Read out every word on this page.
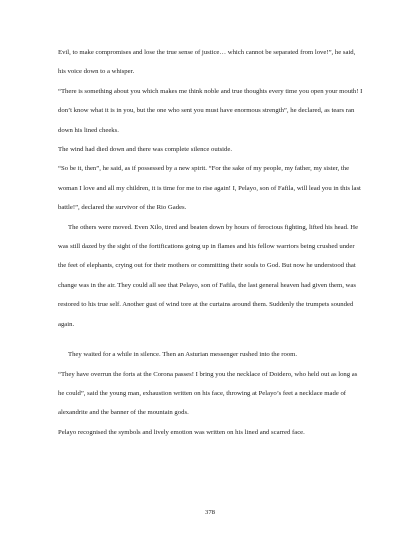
Evil, to make compromises and lose the true sense of justice… which cannot be separated from love!”, he said, his voice down to a whisper.

“There is something about you which makes me think noble and true thoughts every time you open your mouth! I don’t know what it is in you, but the one who sent you must have enormous strength”, he declared, as tears ran down his lined cheeks.

The wind had died down and there was complete silence outside.

“So be it, then”, he said, as if possessed by a new spirit. “For the sake of my people, my father, my sister, the woman I love and all my children, it is time for me to rise again! I, Pelayo, son of Fafila, will lead you in this last battle!”, declared the survivor of the Rio Gades.

The others were moved. Even Xilo, tired and beaten down by hours of ferocious fighting, lifted his head. He was still dazed by the sight of the fortifications going up in flames and his fellow warriors being crushed under the feet of elephants, crying out for their mothers or committing their souls to God. But now he understood that change was in the air. They could all see that Pelayo, son of Fafila, the last general heaven had given them, was restored to his true self. Another gust of wind tore at the curtains around them. Suddenly the trumpets sounded again.

They waited for a while in silence. Then an Asturian messenger rushed into the room.

“They have overrun the forts at the Corona passes! I bring you the necklace of Doidero, who held out as long as he could”, said the young man, exhaustion written on his face, throwing at Pelayo’s feet a necklace made of alexandrite and the banner of the mountain gods.

Pelayo recognised the symbols and lively emotion was written on his lined and scarred face.

378
